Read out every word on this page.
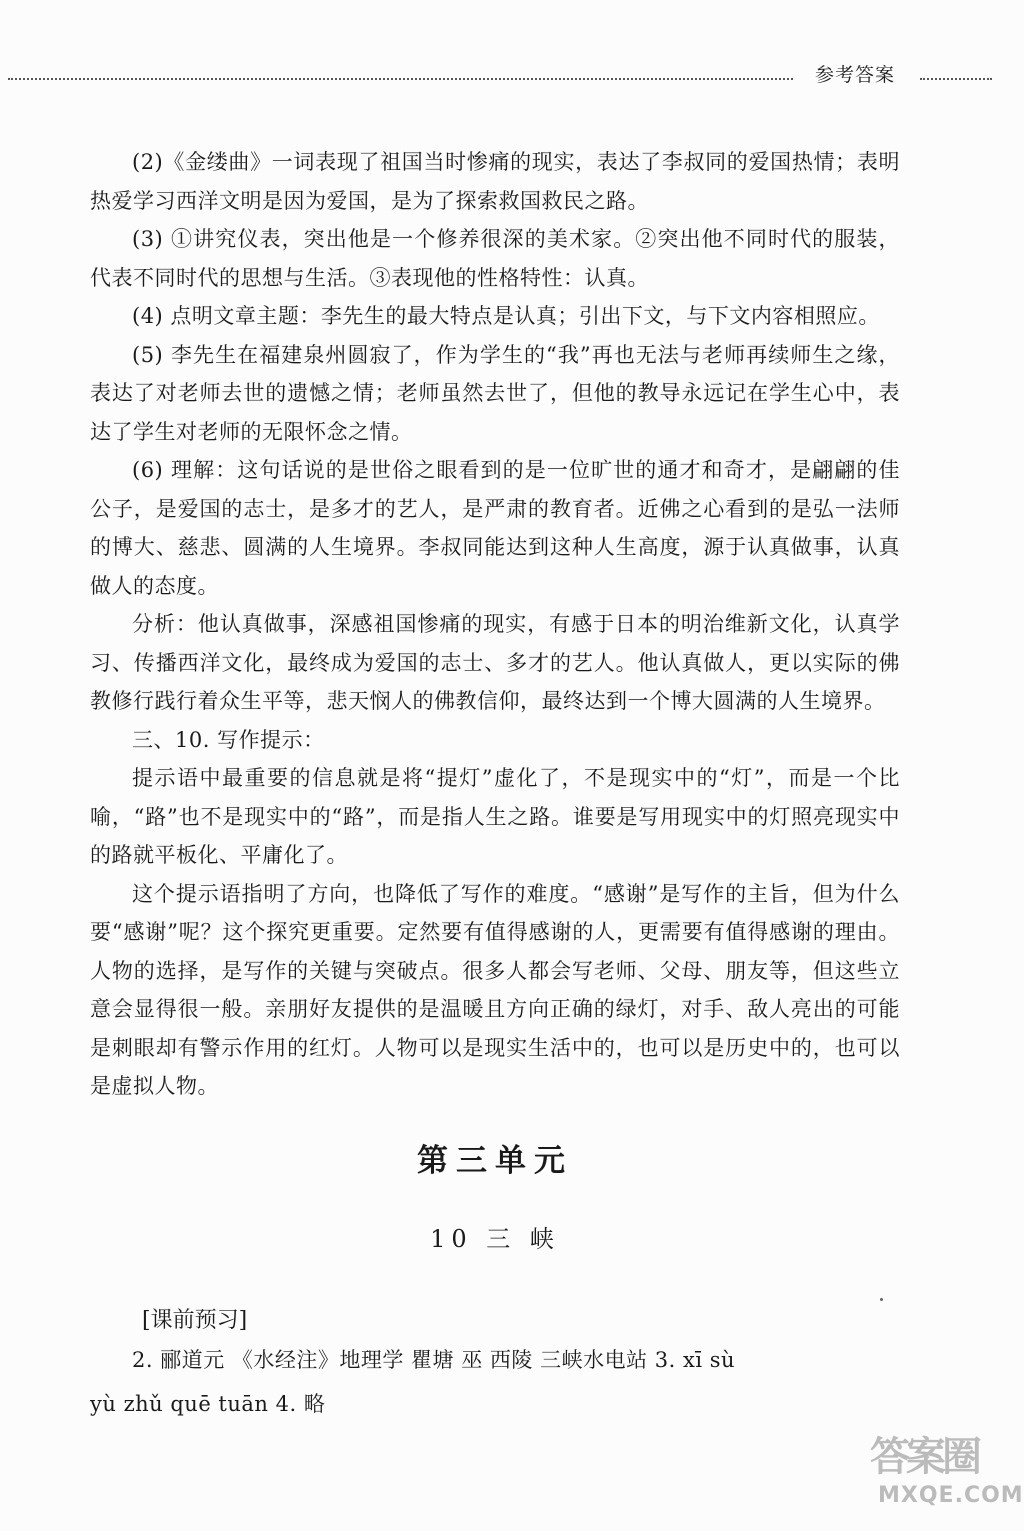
参考答案

(2)《金缕曲》一词表现了祖国当时惨痛的现实，表达了李叔同的爱国热情；表明热爱学习西洋文明是因为爱国，是为了探索救国救民之路。

(3) ①讲究仪表，突出他是一个修养很深的美术家。②突出他不同时代的服装，代表不同时代的思想与生活。③表现他的性格特性：认真。

(4) 点明文章主题：李先生的最大特点是认真；引出下文，与下文内容相照应。

(5) 李先生在福建泉州圆寂了，作为学生的“我”再也无法与老师再续师生之缘，表达了对老师去世的遗憾之情；老师虽然去世了，但他的教导永远记在学生心中，表达了学生对老师的无限怀念之情。

(6) 理解：这句话说的是世俗之眼看到的是一位旷世的通才和奇才，是翩翩的佳公子，是爱国的志士，是多才的艺人，是严肃的教育者。近佛之心看到的是弘一法师的博大、慈悲、圆满的人生境界。李叔同能达到这种人生高度，源于认真做事，认真做人的态度。

分析：他认真做事，深感祖国惨痛的现实，有感于日本的明治维新文化，认真学习、传播西洋文化，最终成为爱国的志士、多才的艺人。他认真做人，更以实际的佛教修行践行着众生平等，悲天悯人的佛教信仰，最终达到一个博大圆满的人生境界。

三、10. 写作提示：

提示语中最重要的信息就是将“提灯”虚化了，不是现实中的“灯”，而是一个比喻，“路”也不是现实中的“路”，而是指人生之路。谁要是写用现实中的灯照亮现实中的路就平板化、平庸化了。

这个提示语指明了方向，也降低了写作的难度。“感谢”是写作的主旨，但为什么要“感谢”呢？这个探究更重要。定然要有值得感谢的人，更需要有值得感谢的理由。人物的选择，是写作的关键与突破点。很多人都会写老师、父母、朋友等，但这些立意会显得很一般。亲朋好友提供的是温暖且方向正确的绿灯，对手、敌人亮出的可能是刺眼却有警示作用的红灯。人物可以是现实生活中的，也可以是历史中的，也可以是虚拟人物。

第三单元
10 三 峡
[课前预习]

2. 郦道元 《水经注》地理学 瞿塘 巫 西陵 三峡水电站 3. xī sù

yù zhǔ quē tuān 4. 略

答案圈
MXQE.COM
